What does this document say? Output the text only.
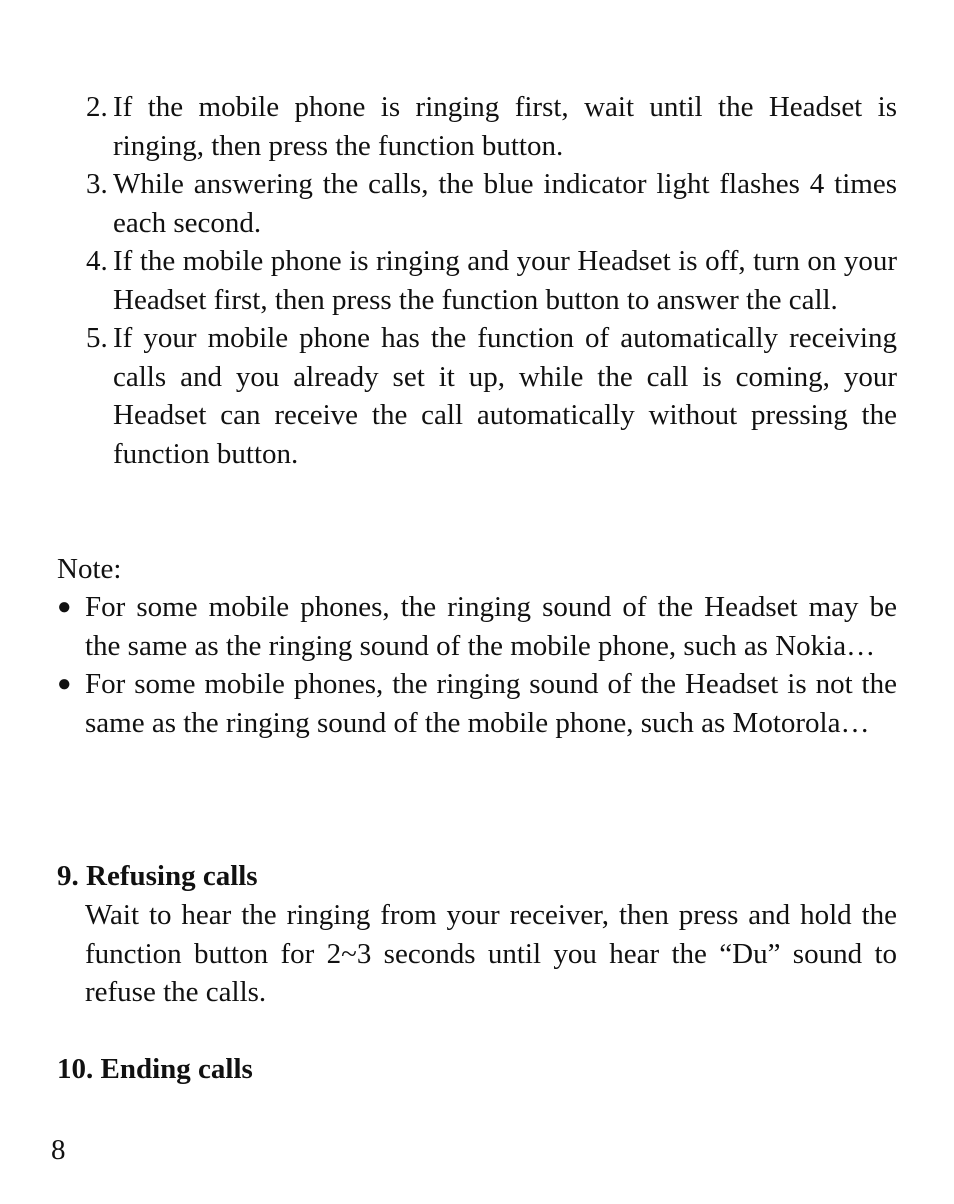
2. If the mobile phone is ringing first, wait until the Headset is ringing, then press the function button.
3. While answering the calls, the blue indicator light flashes 4 times each second.
4. If the mobile phone is ringing and your Headset is off, turn on your Headset first, then press the function button to answer the call.
5. If your mobile phone has the function of automatically receiving calls and you already set it up, while the call is coming, your Headset can receive the call automatically without pressing the function button.
Note:
● For some mobile phones, the ringing sound of the Headset may be the same as the ringing sound of the mobile phone, such as Nokia…
● For some mobile phones, the ringing sound of the Headset is not the same as the ringing sound of the mobile phone, such as Motorola…
9. Refusing calls

Wait to hear the ringing from your receiver, then press and hold the function button for 2~3 seconds until you hear the “Du” sound to refuse the calls.

10. Ending calls
8
